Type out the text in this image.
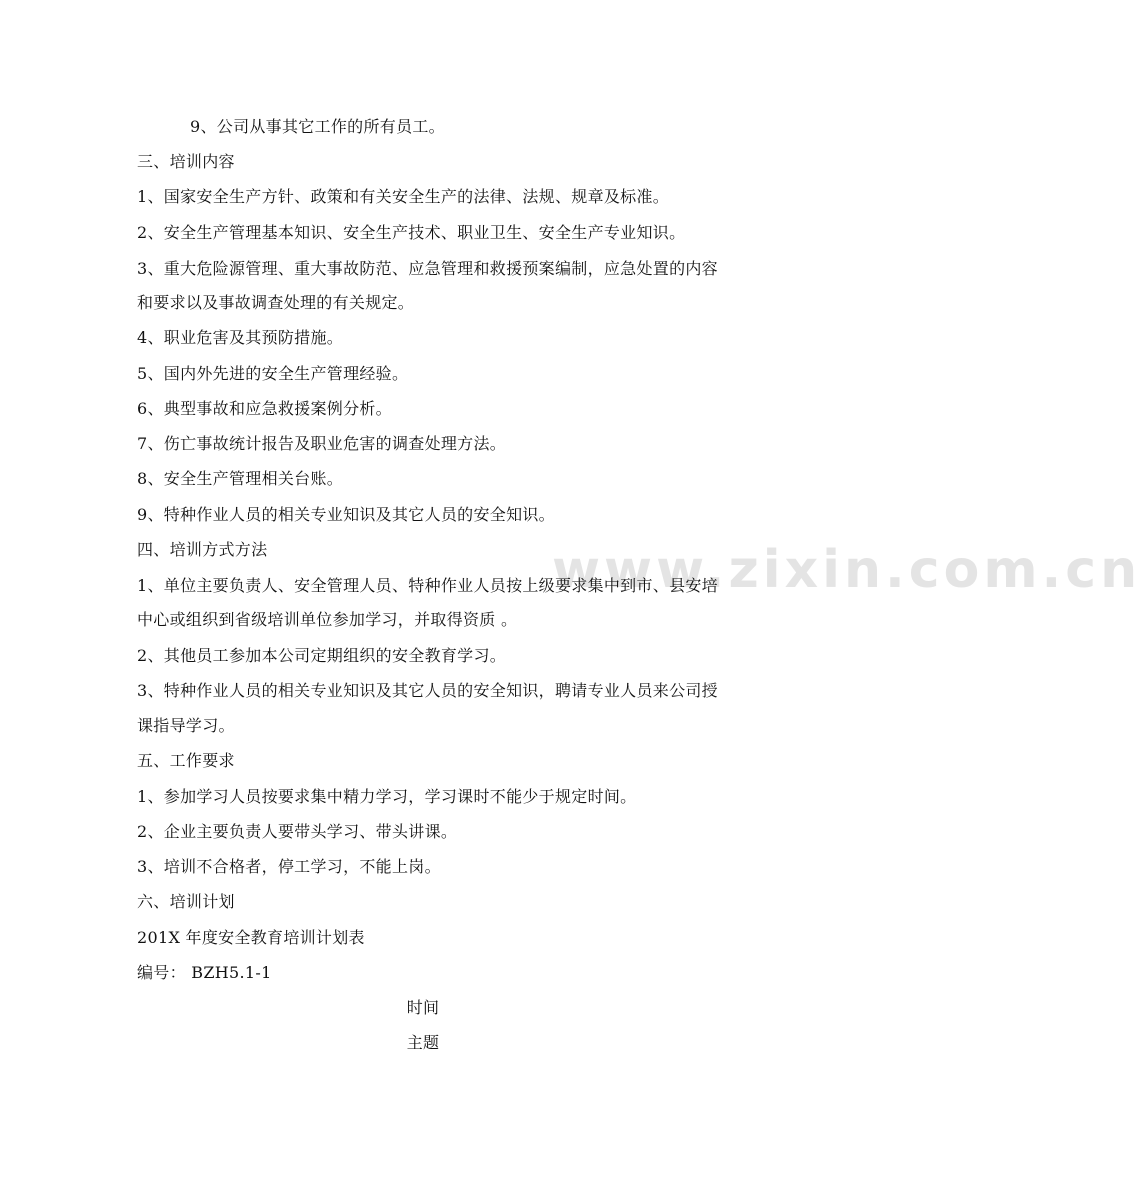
www.zixin.com.cn
9、公司从事其它工作的所有员工。
三、培训内容
1、国家安全生产方针、政策和有关安全生产的法律、法规、规章及标准。
2、安全生产管理基本知识、安全生产技术、职业卫生、安全生产专业知识。
3、重大危险源管理、重大事故防范、应急管理和救援预案编制，应急处置的内容
和要求以及事故调查处理的有关规定。
4、职业危害及其预防措施。
5、国内外先进的安全生产管理经验。
6、典型事故和应急救援案例分析。
7、伤亡事故统计报告及职业危害的调查处理方法。
8、安全生产管理相关台账。
9、特种作业人员的相关专业知识及其它人员的安全知识。
四、培训方式方法
1、单位主要负责人、安全管理人员、特种作业人员按上级要求集中到市、县安培
中心或组织到省级培训单位参加学习，并取得资质 。
2、其他员工参加本公司定期组织的安全教育学习。
3、特种作业人员的相关专业知识及其它人员的安全知识，聘请专业人员来公司授
课指导学习。
五、工作要求
1、参加学习人员按要求集中精力学习，学习课时不能少于规定时间。
2、企业主要负责人要带头学习、带头讲课。
3、培训不合格者，停工学习，不能上岗。
六、培训计划
201X 年度安全教育培训计划表
编号： BZH5.1-1
时间
主题
